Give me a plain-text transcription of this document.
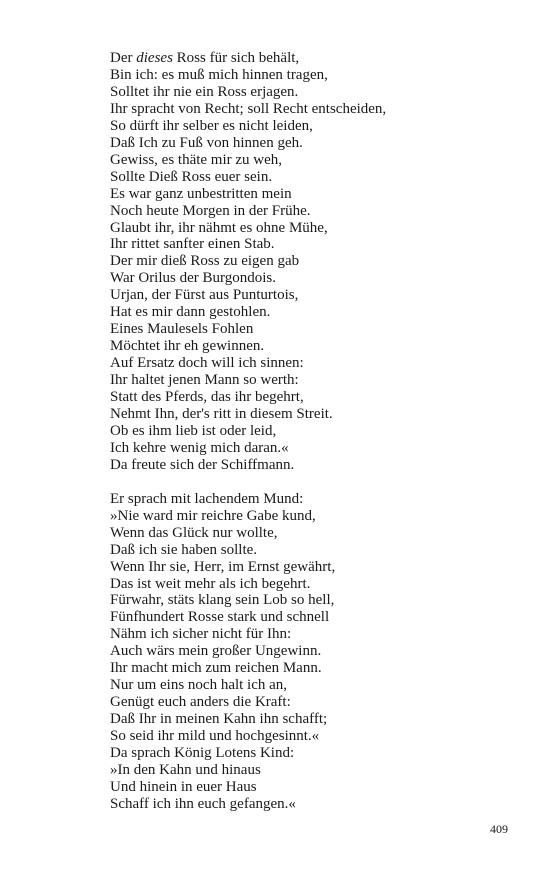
Der dieses Ross für sich behält,
Bin ich: es muß mich hinnen tragen,
Solltet ihr nie ein Ross erjagen.
Ihr spracht von Recht; soll Recht entscheiden,
So dürft ihr selber es nicht leiden,
Daß Ich zu Fuß von hinnen geh.
Gewiss, es thäte mir zu weh,
Sollte Dieß Ross euer sein.
Es war ganz unbestritten mein
Noch heute Morgen in der Frühe.
Glaubt ihr, ihr nähmt es ohne Mühe,
Ihr rittet sanfter einen Stab.
Der mir dieß Ross zu eigen gab
War Orilus der Burgondois.
Urjan, der Fürst aus Punturtois,
Hat es mir dann gestohlen.
Eines Maulesels Fohlen
Möchtet ihr eh gewinnen.
Auf Ersatz doch will ich sinnen:
Ihr haltet jenen Mann so werth:
Statt des Pferds, das ihr begehrt,
Nehmt Ihn, der's ritt in diesem Streit.
Ob es ihm lieb ist oder leid,
Ich kehre wenig mich daran.«
Da freute sich der Schiffmann.
Er sprach mit lachendem Mund:
»Nie ward mir reichre Gabe kund,
Wenn das Glück nur wollte,
Daß ich sie haben sollte.
Wenn Ihr sie, Herr, im Ernst gewährt,
Das ist weit mehr als ich begehrt.
Fürwahr, stäts klang sein Lob so hell,
Fünfhundert Rosse stark und schnell
Nähm ich sicher nicht für Ihn:
Auch wärs mein großer Ungewinn.
Ihr macht mich zum reichen Mann.
Nur um eins noch halt ich an,
Genügt euch anders die Kraft:
Daß Ihr in meinen Kahn ihn schafft;
So seid ihr mild und hochgesinnt.«
Da sprach König Lotens Kind:
»In den Kahn und hinaus
Und hinein in euer Haus
Schaff ich ihn euch gefangen.«
409
